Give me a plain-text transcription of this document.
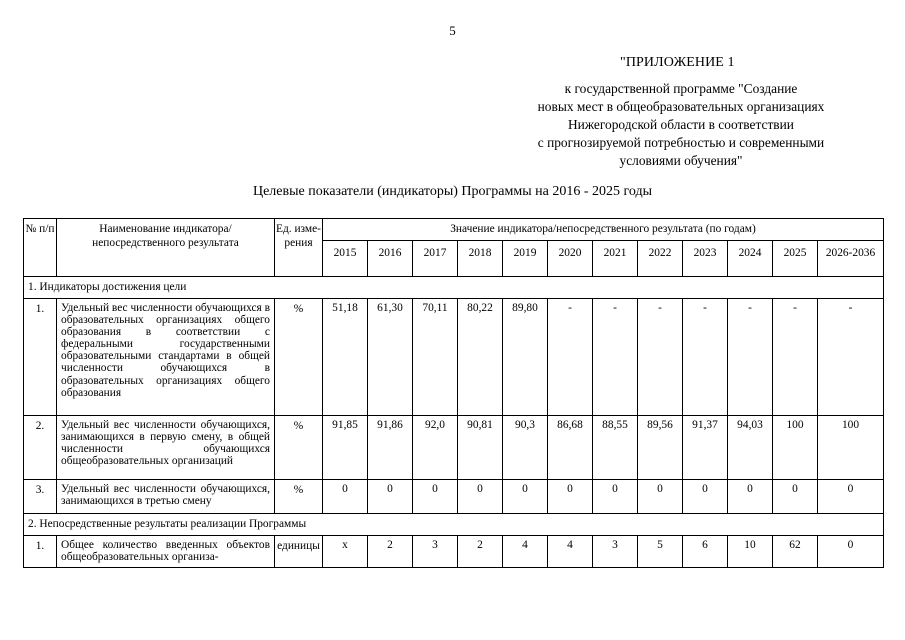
5
"ПРИЛОЖЕНИЕ 1
к государственной программе "Создание
новых мест в общеобразовательных организациях
Нижегородской области в соответствии
с прогнозируемой потребностью и современными
условиями обучения"
Целевые показатели (индикаторы) Программы на 2016 - 2025 годы
№ п/п	Наименование индикатора/непосредственного результата	Ед. изме-рения	Значение индикатора/непосредственного результата (по годам)											
			2015	2016	2017	2018	2019	2020	2021	2022	2023	2024	2025	2026-2036
1. Индикаторы достижения цели														
1.	Удельный вес численности обучающихся в образовательных организациях общего образования в соответствии с федеральными государственными образовательными стандартами в общей численности обучающихся в образовательных организациях общего образования	%	51,18	61,30	70,11	80,22	89,80	-	-	-	-	-	-	-
2.	Удельный вес численности обучающихся, занимающихся в первую смену, в общей численности обучающихся общеобразовательных организаций	%	91,85	91,86	92,0	90,81	90,3	86,68	88,55	89,56	91,37	94,03	100	100
3.	Удельный вес численности обучающихся, занимающихся в третью смену	%	0	0	0	0	0	0	0	0	0	0	0	0
2. Непосредственные результаты реализации Программы														
1.	Общее количество введенных объектов общеобразовательных организа-	единицы	х	2	3	2	4	4	3	5	6	10	62	0
